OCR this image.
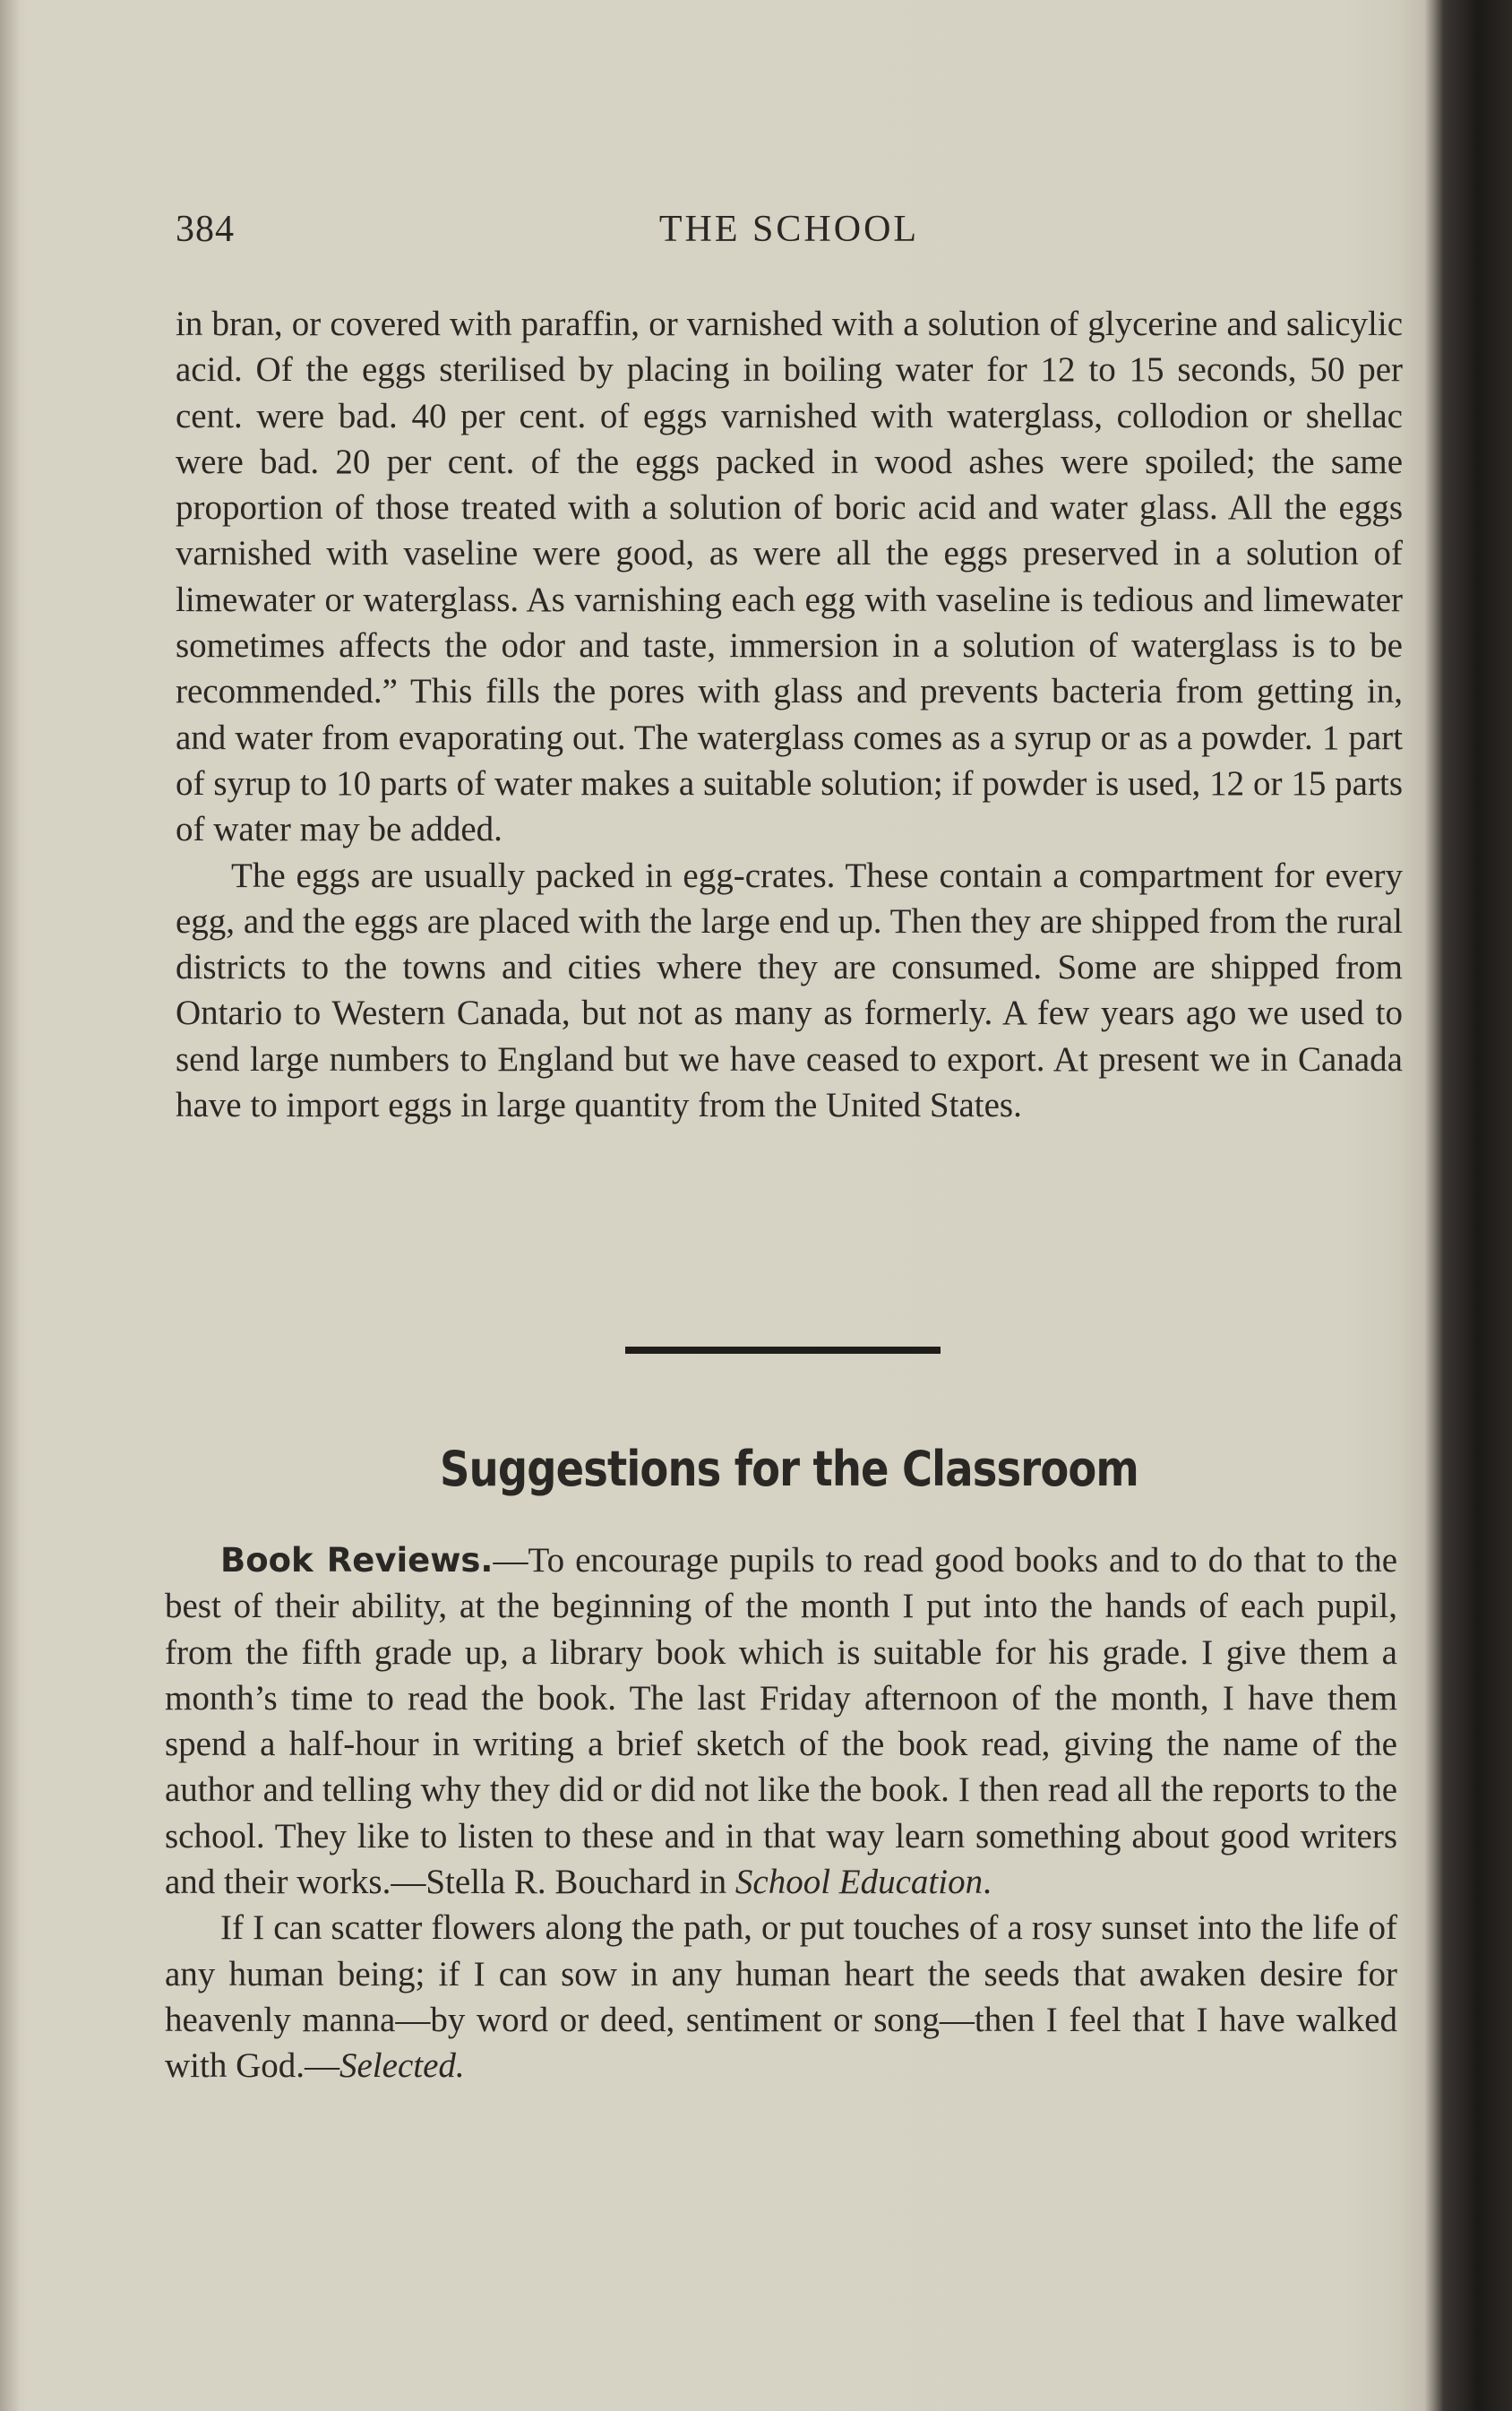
384	THE SCHOOL

in bran, or covered with paraffin, or varnished with a solution of glycerine and salicylic acid. Of the eggs sterilised by placing in boiling water for 12 to 15 seconds, 50 per cent. were bad. 40 per cent. of eggs varnished with waterglass, collodion or shellac were bad. 20 per cent. of the eggs packed in wood ashes were spoiled; the same proportion of those treated with a solution of boric acid and water glass. All the eggs varnished with vaseline were good, as were all the eggs preserved in a solution of limewater or waterglass. As varnishing each egg with vaseline is tedious and limewater sometimes affects the odor and taste, immersion in a solution of waterglass is to be recommended.” This fills the pores with glass and prevents bacteria from getting in, and water from evaporating out. The waterglass comes as a syrup or as a powder. 1 part of syrup to 10 parts of water makes a suitable solution; if powder is used, 12 or 15 parts of water may be added.

The eggs are usually packed in egg-crates. These contain a compartment for every egg, and the eggs are placed with the large end up. Then they are shipped from the rural districts to the towns and cities where they are consumed. Some are shipped from Ontario to Western Canada, but not as many as formerly. A few years ago we used to send large numbers to England but we have ceased to export. At present we in Canada have to import eggs in large quantity from the United States.

Suggestions for the Classroom

Book Reviews.—To encourage pupils to read good books and to do that to the best of their ability, at the beginning of the month I put into the hands of each pupil, from the fifth grade up, a library book which is suitable for his grade. I give them a month’s time to read the book. The last Friday afternoon of the month, I have them spend a half-hour in writing a brief sketch of the book read, giving the name of the author and telling why they did or did not like the book. I then read all the reports to the school. They like to listen to these and in that way learn something about good writers and their works.—Stella R. Bouchard in School Education.

If I can scatter flowers along the path, or put touches of a rosy sunset into the life of any human being; if I can sow in any human heart the seeds that awaken desire for heavenly manna—by word or deed, sentiment or song—then I feel that I have walked with God.—Selected.
